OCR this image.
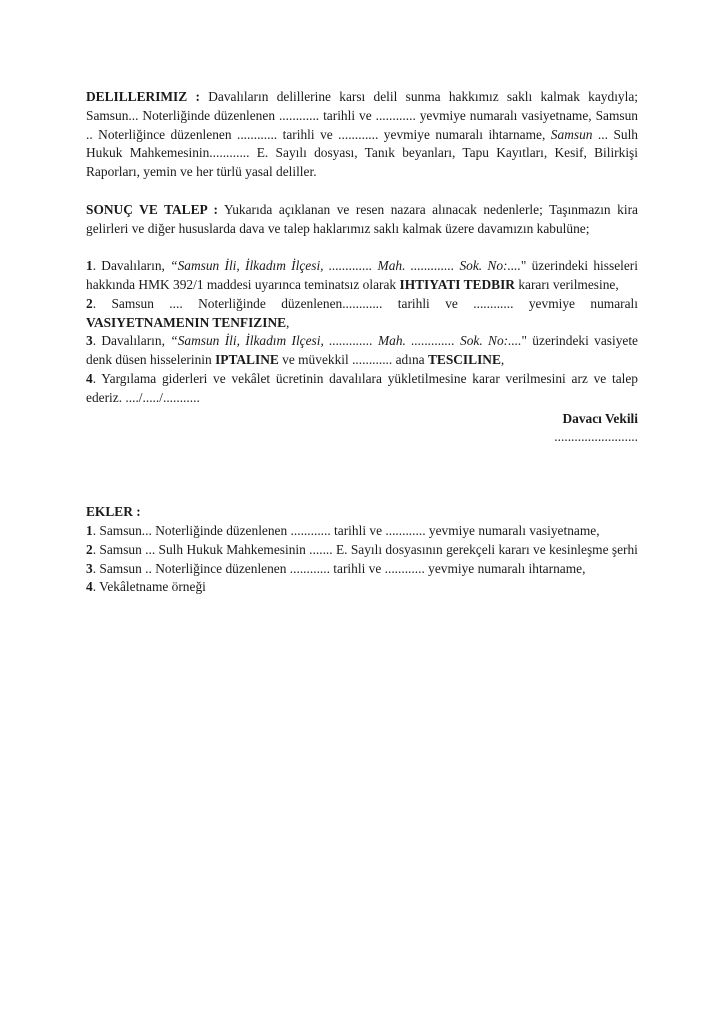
DELILLERIMIZ : Davalıların delillerine karsı delil sunma hakkımız saklı kalmak kaydıyla; Samsun... Noterliğinde düzenlenen ............ tarihli ve ............ yevmiye numaralı vasiyetname, Samsun .. Noterliğince düzenlenen ............ tarihli ve ............ yevmiye numaralı ihtarname, Samsun ... Sulh Hukuk Mahkemesinin............ E. Sayılı dosyası, Tanık beyanları, Tapu Kayıtları, Kesif, Bilirkişi Raporları, yemin ve her türlü yasal deliller.

SONUÇ VE TALEP : Yukarıda açıklanan ve resen nazara alınacak nedenlerle; Taşınmazın kira gelirleri ve diğer hususlarda dava ve talep haklarımız saklı kalmak üzere davamızın kabulüne;

1. Davalıların, “Samsun İli, İlkadım İlçesi, ............. Mah. ............. Sok. No:...." üzerindeki hisseleri hakkında HMK 392/1 maddesi uyarınca teminatsız olarak IHTIYATI TEDBIR kararı verilmesine,

2. Samsun .... Noterliğinde düzenlenen............ tarihli ve ............ yevmiye numaralı VASIYETNAMENIN TENFIZINE,

3. Davalıların, “Samsun İli, İlkadım Ilçesi, ............. Mah. ............. Sok. No:...." üzerindeki vasiyete denk düsen hisselerinin IPTALINE ve müvekkil ............ adına TESCILINE,

4. Yargılama giderleri ve vekâlet ücretinin davalılara yükletilmesine karar verilmesini arz ve talep ederiz. ..../...../...........

Davacı Vekili

.........................

EKLER :

1. Samsun... Noterliğinde düzenlenen ............ tarihli ve ............ yevmiye numaralı vasiyetname,

2. Samsun ... Sulh Hukuk Mahkemesinin ....... E. Sayılı dosyasının gerekçeli kararı ve kesinleşme şerhi

3. Samsun .. Noterliğince düzenlenen ............ tarihli ve ............ yevmiye numaralı ihtarname,

4. Vekâletname örneği
